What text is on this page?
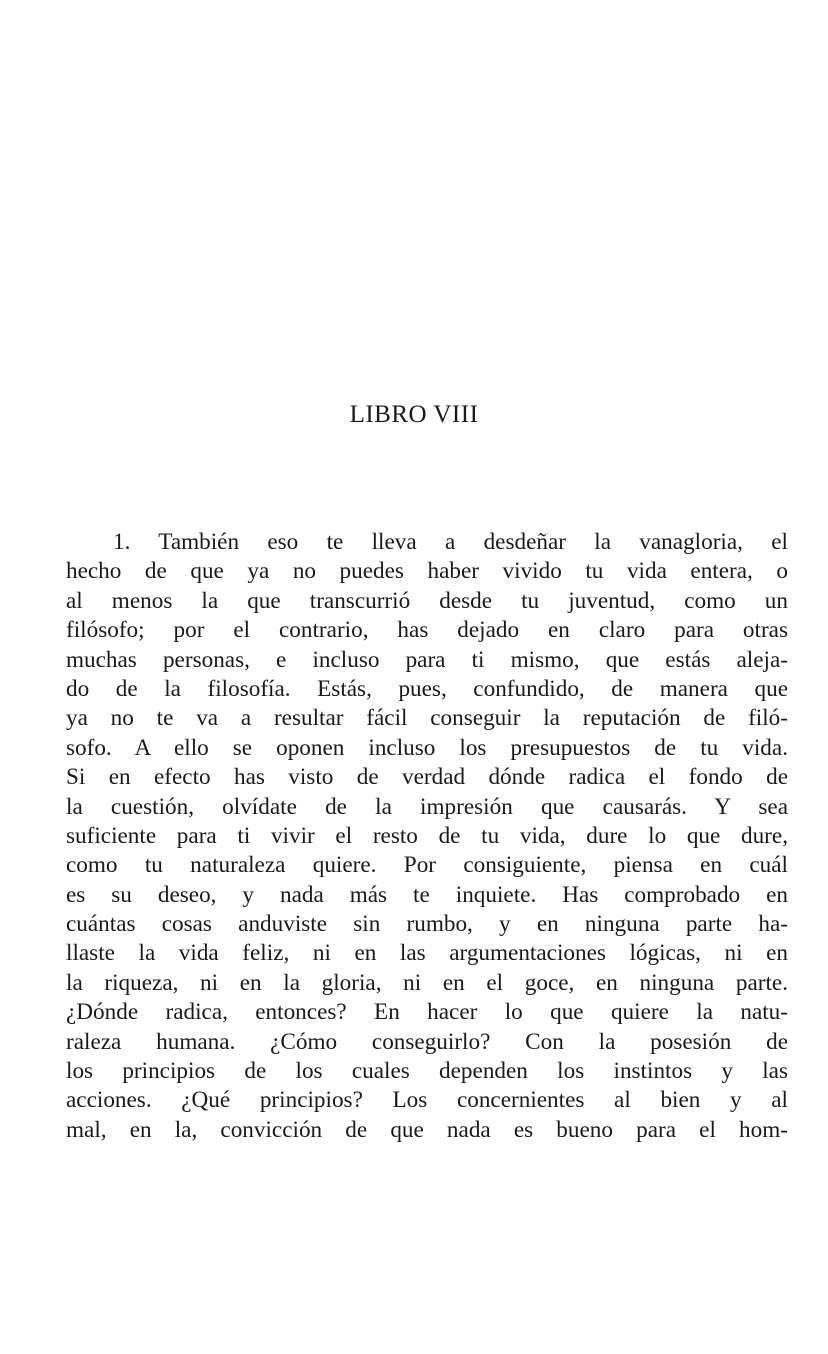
LIBRO VIII
1. También eso te lleva a desdeñar la vanagloria, el
hecho de que ya no puedes haber vivido tu vida entera, o
al menos la que transcurrió desde tu juventud, como un
filósofo; por el contrario, has dejado en claro para otras
muchas personas, e incluso para ti mismo, que estás aleja-
do de la filosofía. Estás, pues, confundido, de manera que
ya no te va a resultar fácil conseguir la reputación de filó-
sofo. A ello se oponen incluso los presupuestos de tu vida.
Si en efecto has visto de verdad dónde radica el fondo de
la cuestión, olvídate de la impresión que causarás. Y sea
suficiente para ti vivir el resto de tu vida, dure lo que dure,
como tu naturaleza quiere. Por consiguiente, piensa en cuál
es su deseo, y nada más te inquiete. Has comprobado en
cuántas cosas anduviste sin rumbo, y en ninguna parte ha-
llaste la vida feliz, ni en las argumentaciones lógicas, ni en
la riqueza, ni en la gloria, ni en el goce, en ninguna parte.
¿Dónde radica, entonces? En hacer lo que quiere la natu-
raleza humana. ¿Cómo conseguirlo? Con la posesión de
los principios de los cuales dependen los instintos y las
acciones. ¿Qué principios? Los concernientes al bien y al
mal, en la, convicción de que nada es bueno para el hom-
